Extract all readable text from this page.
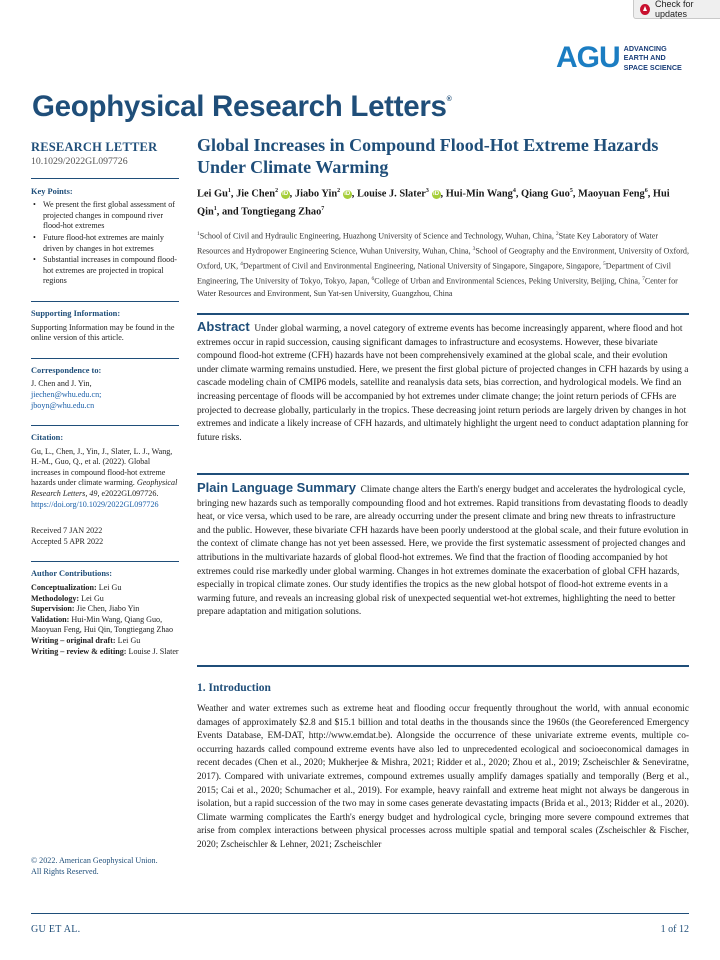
Check for updates
AGU ADVANCING
EARTH AND
SPACE SCIENCE
Geophysical Research Letters®
RESEARCH LETTER
10.1029/2022GL097726
Key Points:
• We present the first global assessment of projected changes in compound river flood-hot extremes
• Future flood-hot extremes are mainly driven by changes in hot extremes
• Substantial increases in compound flood-hot extremes are projected in tropical regions
Supporting Information:
Supporting Information may be found in the online version of this article.
Correspondence to:
J. Chen and J. Yin,
jiechen@whu.edu.cn;
jboyn@whu.edu.cn
Citation:
Gu, L., Chen, J., Yin, J., Slater, L. J., Wang, H.-M., Guo, Q., et al. (2022). Global increases in compound flood-hot extreme hazards under climate warming. Geophysical Research Letters, 49, e2022GL097726. https://doi.org/10.1029/2022GL097726
Received 7 JAN 2022
Accepted 5 APR 2022
Author Contributions:
Conceptualization: Lei Gu
Methodology: Lei Gu
Supervision: Jie Chen, Jiabo Yin
Validation: Hui-Min Wang, Qiang Guo, Maoyuan Feng, Hui Qin, Tongtiegang Zhao
Writing – original draft: Lei Gu
Writing – review & editing: Louise J. Slater
© 2022. American Geophysical Union.
All Rights Reserved.
Global Increases in Compound Flood-Hot Extreme Hazards Under Climate Warming
Lei Gu$^1$, Jie Chen$^2$ iD , Jiabo Yin$^2$ iD , Louise J. Slater$^3$ iD , Hui-Min Wang$^4$, Qiang Guo$^5$, Maoyuan Feng$^6$, Hui Qin$^1$, and Tongtiegang Zhao$^7$
$^1$School of Civil and Hydraulic Engineering, Huazhong University of Science and Technology, Wuhan, China, $^2$State Key Laboratory of Water Resources and Hydropower Engineering Science, Wuhan University, Wuhan, China, $^3$School of Geography and the Environment, University of Oxford, Oxford, UK, $^4$Department of Civil and Environmental Engineering, National University of Singapore, Singapore, Singapore, $^5$Department of Civil Engineering, The University of Tokyo, Tokyo, Japan, $^6$College of Urban and Environmental Sciences, Peking University, Beijing, China, $^7$Center for Water Resources and Environment, Sun Yat-sen University, Guangzhou, China
Abstract Under global warming, a novel category of extreme events has become increasingly apparent, where flood and hot extremes occur in rapid succession, causing significant damages to infrastructure and ecosystems. However, these bivariate compound flood-hot extreme (CFH) hazards have not been comprehensively examined at the global scale, and their evolution under climate warming remains unstudied. Here, we present the first global picture of projected changes in CFH hazards by using a cascade modeling chain of CMIP6 models, satellite and reanalysis data sets, bias correction, and hydrological models. We find an increasing percentage of floods will be accompanied by hot extremes under climate change; the joint return periods of CFHs are projected to decrease globally, particularly in the tropics. These decreasing joint return periods are largely driven by changes in hot extremes and indicate a likely increase of CFH hazards, and ultimately highlight the urgent need to conduct adaptation planning for future risks.
Plain Language Summary Climate change alters the Earth's energy budget and accelerates the hydrological cycle, bringing new hazards such as temporally compounding flood and hot extremes. Rapid transitions from devastating floods to deadly heat, or vice versa, which used to be rare, are already occurring under the present climate and bring new threats to infrastructure and the public. However, these bivariate CFH hazards have been poorly understood at the global scale, and their future evolution in the context of climate change has not yet been assessed. Here, we provide the first systematic assessment of projected changes and attributions in the multivariate hazards of global flood-hot extremes. We find that the fraction of flooding accompanied by hot extremes could rise markedly under global warming. Changes in hot extremes dominate the exacerbation of global CFH hazards, especially in tropical climate zones. Our study identifies the tropics as the new global hotspot of flood-hot extreme events in a warming future, and reveals an increasing global risk of unexpected sequential wet-hot extremes, highlighting the need to better prepare adaptation and mitigation solutions.
1. Introduction
Weather and water extremes such as extreme heat and flooding occur frequently throughout the world, with annual economic damages of approximately $2.8 and $15.1 billion and total deaths in the thousands since the 1960s (the Georeferenced Emergency Events Database, EM-DAT, http://www.emdat.be). Alongside the occurrence of these univariate extreme events, multiple co-occurring hazards called compound extreme events have also led to unprecedented ecological and socioeconomical damages in recent decades (Chen et al., 2020; Mukherjee & Mishra, 2021; Ridder et al., 2020; Zhou et al., 2019; Zscheischler & Seneviratne, 2017). Compared with univariate extremes, compound extremes usually amplify damages spatially and temporally (Berg et al., 2015; Cai et al., 2020; Schumacher et al., 2019). For example, heavy rainfall and extreme heat might not always be dangerous in isolation, but a rapid succession of the two may in some cases generate devastating impacts (Brida et al., 2013; Ridder et al., 2020). Climate warming complicates the Earth's energy budget and hydrological cycle, bringing more severe compound extremes that arise from complex interactions between physical processes across multiple spatial and temporal scales (Zscheischler & Fischer, 2020; Zscheischler & Lehner, 2021; Zscheischler
GU ET AL.	1 of 12
